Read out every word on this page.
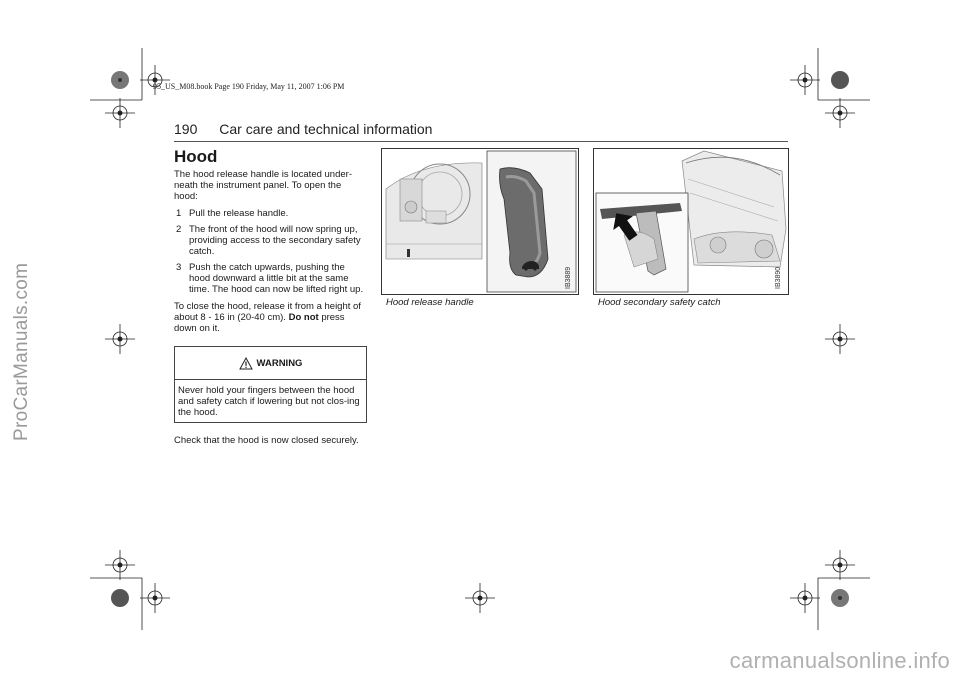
ProCarManuals.com
carmanualsonline.info
95_US_M08.book Page 190 Friday, May 11, 2007 1:06 PM
190 Car care and technical information
Hood

The hood release handle is located under-neath the instrument panel. To open the hood:

1 Pull the release handle.
2 The front of the hood will now spring up, providing access to the secondary safety catch.
3 Push the catch upwards, pushing the hood downward a little bit at the same time. The hood can now be lifted right up.

To close the hood, release it from a height of about 8 - 16 in (20-40 cm). Do not press down on it.

WARNING
Never hold your fingers between the hood and safety catch if lowering but not clos-ing the hood.

Check that the hood is now closed securely.

IB3889
Hood release handle
IB3890
Hood secondary safety catch
